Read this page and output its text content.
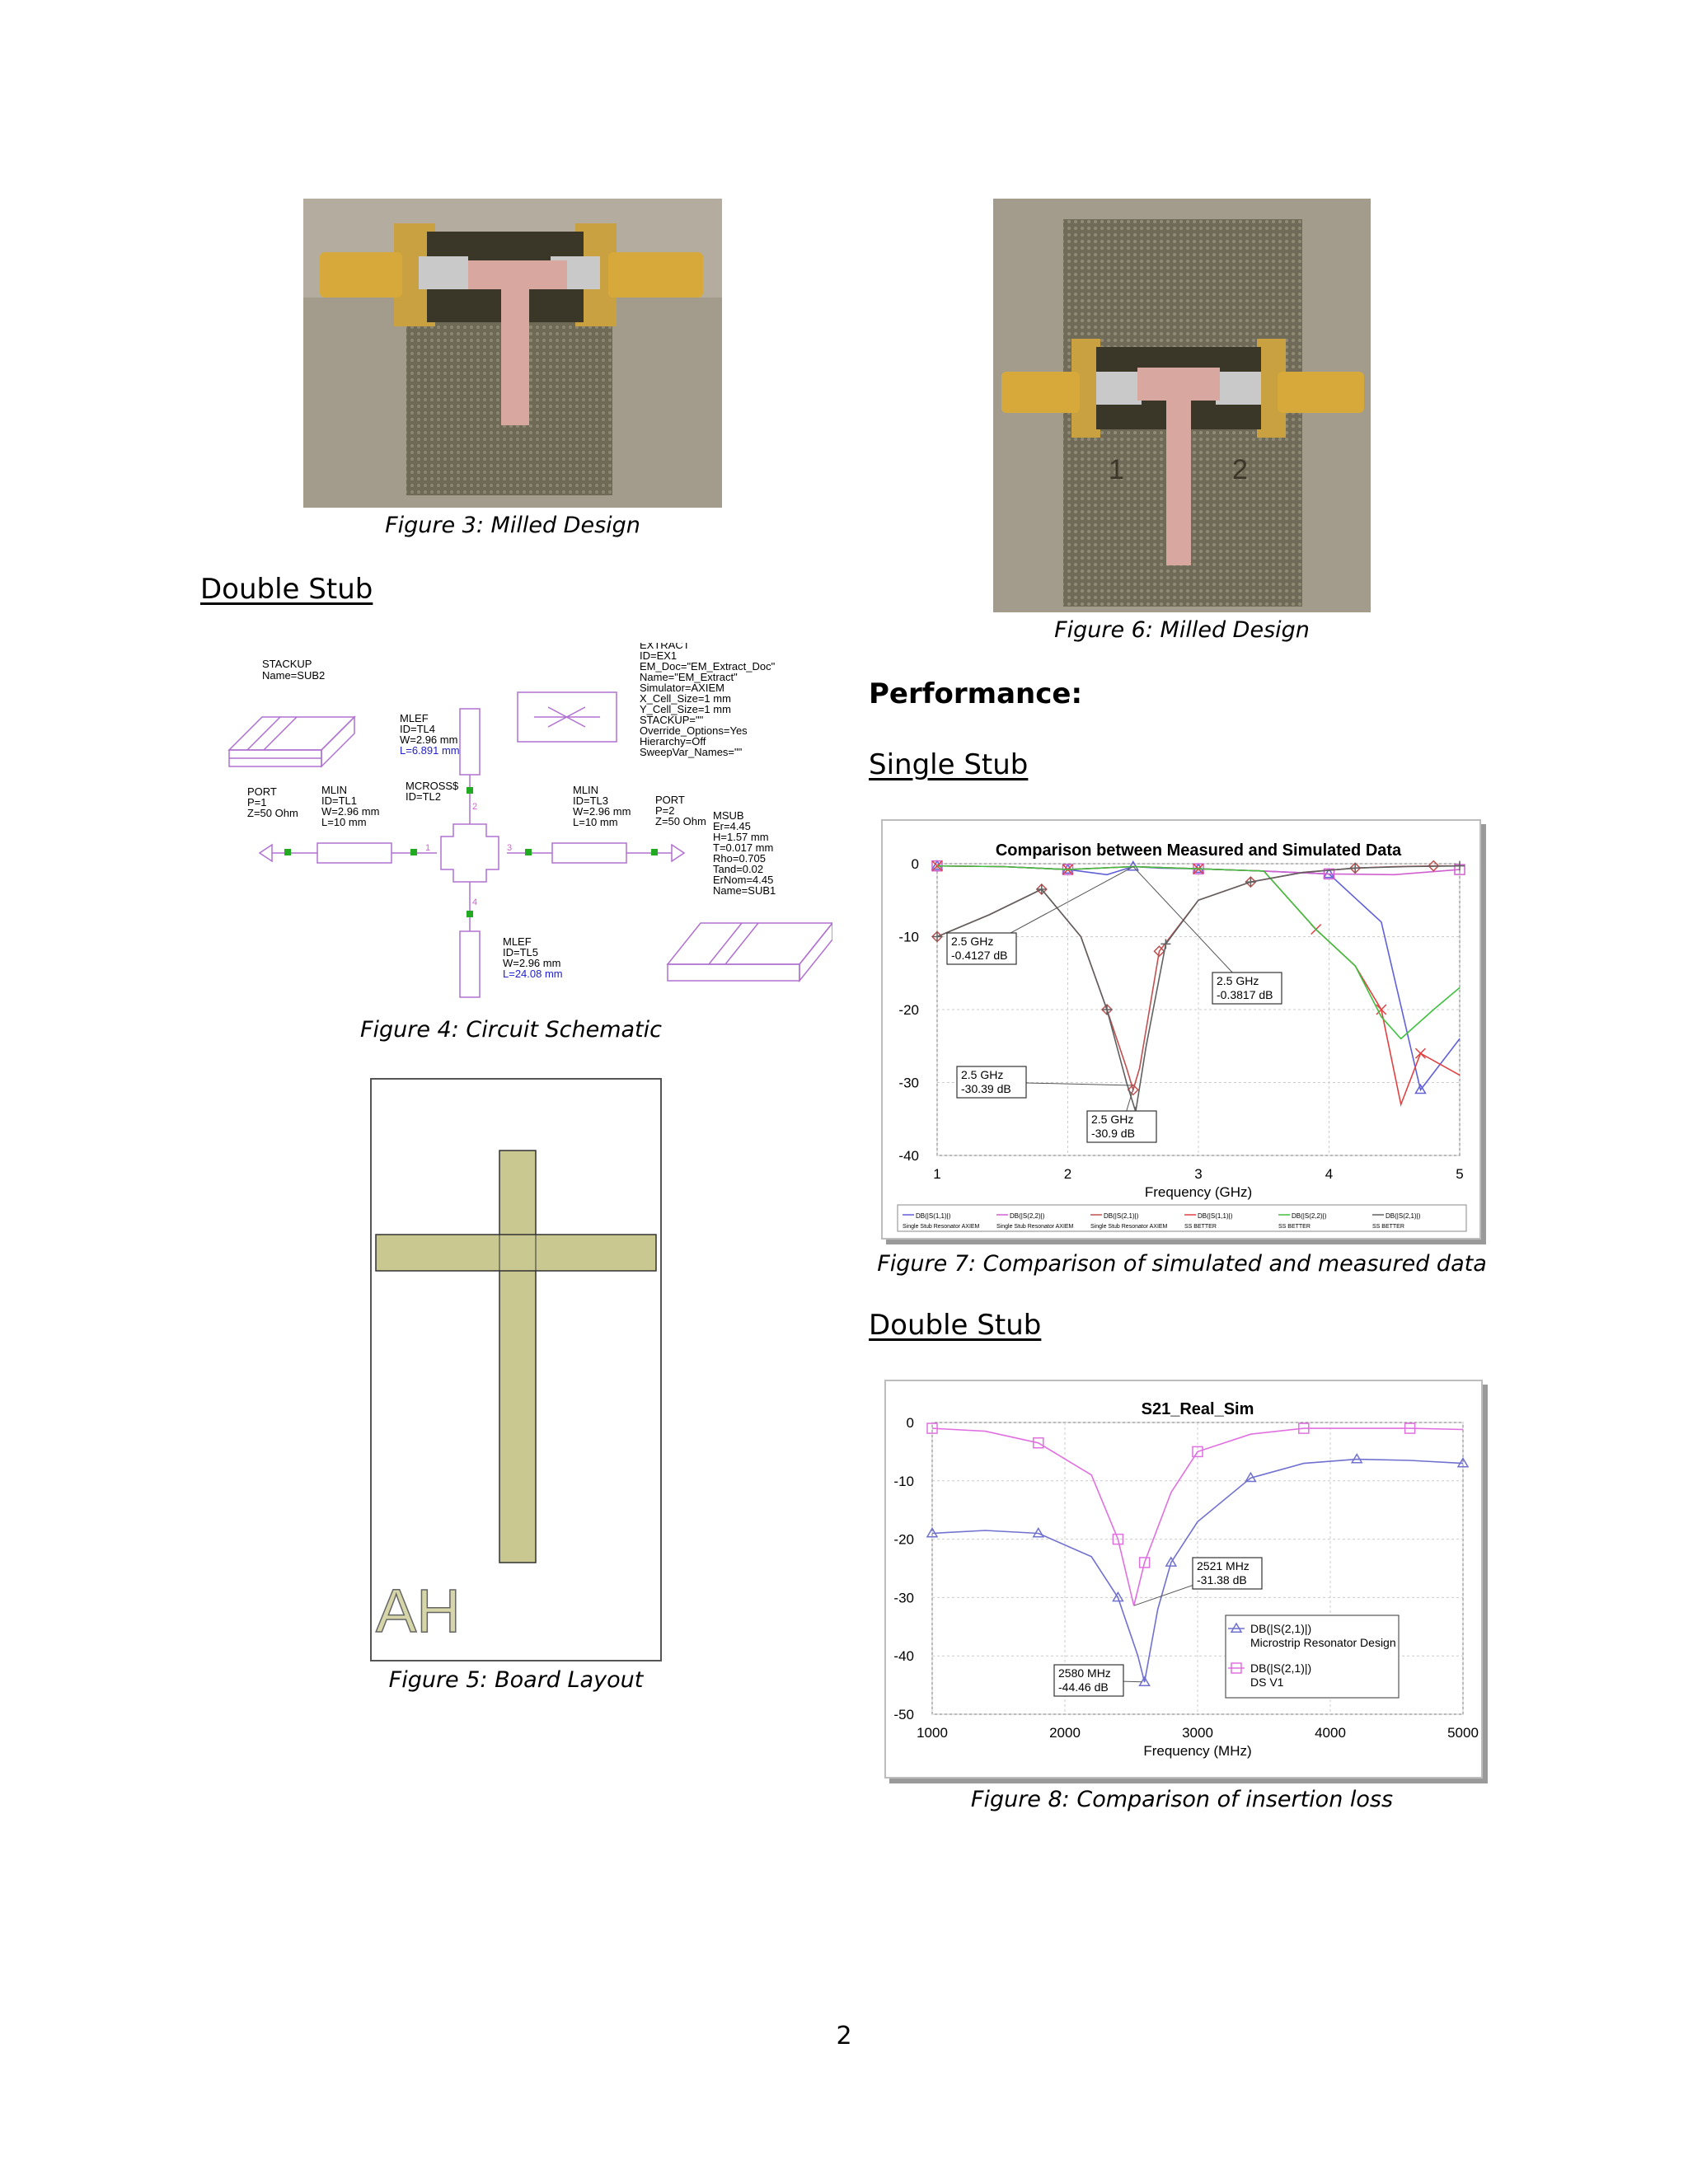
Figure 3: Milled Design
1	2
Figure 6: Milled Design
Double Stub
Performance:
Single Stub
Double Stub
1
2
3
4
STACKUP
Name=SUB2
EXTRACT
ID=EX1
EM_Doc="EM_Extract_Doc"
Name="EM_Extract"
Simulator=AXIEM
X_Cell_Size=1 mm
Y_Cell_Size=1 mm
STACKUP=""
Override_Options=Yes
Hierarchy=Off
SweepVar_Names=""
MLEF
ID=TL4
W=2.96 mm
L=6.891 mm
MCROSS$
ID=TL2
PORT
P=1
Z=50 Ohm
MLIN
ID=TL1
W=2.96 mm
L=10 mm
MLIN
ID=TL3
W=2.96 mm
L=10 mm
PORT
P=2
Z=50 Ohm MSUB
Er=4.45
H=1.57 mm
T=0.017 mm
Rho=0.705
Tand=0.02
ErNom=4.45
Name=SUB1
MLEF
ID=TL5
W=2.96 mm
L=24.08 mm
Figure 4: Circuit Schematic
AH
Figure 5: Board Layout
1	2	3	4	5
0
-10
-20
-30
-40
Comparison between Measured and Simulated Data
Frequency (GHz)
2.5 GHz
-0.4127 dB
2.5 GHz
-0.3817 dB
2.5 GHz
-30.39 dB
2.5 GHz
-30.9 dB
DB(|S(1,1)|)
Single Stub Resonator AXIEM
DB(|S(2,2)|)
Single Stub Resonator AXIEM
DB(|S(2,1)|)
Single Stub Resonator AXIEM
DB(|S(1,1)|)
SS BETTER
DB(|S(2,2)|)
SS BETTER
DB(|S(2,1)|)
SS BETTER
Figure 7: Comparison of simulated and measured data
1000	2000	3000	4000	5000
0
-10
-20
-30
-40
-50
S21_Real_Sim
Frequency (MHz)
2521 MHz
-31.38 dB
2580 MHz
-44.46 dB
DB(|S(2,1)|)
Microstrip Resonator Design
DB(|S(2,1)|)
DS V1
Figure 8: Comparison of insertion loss
2
